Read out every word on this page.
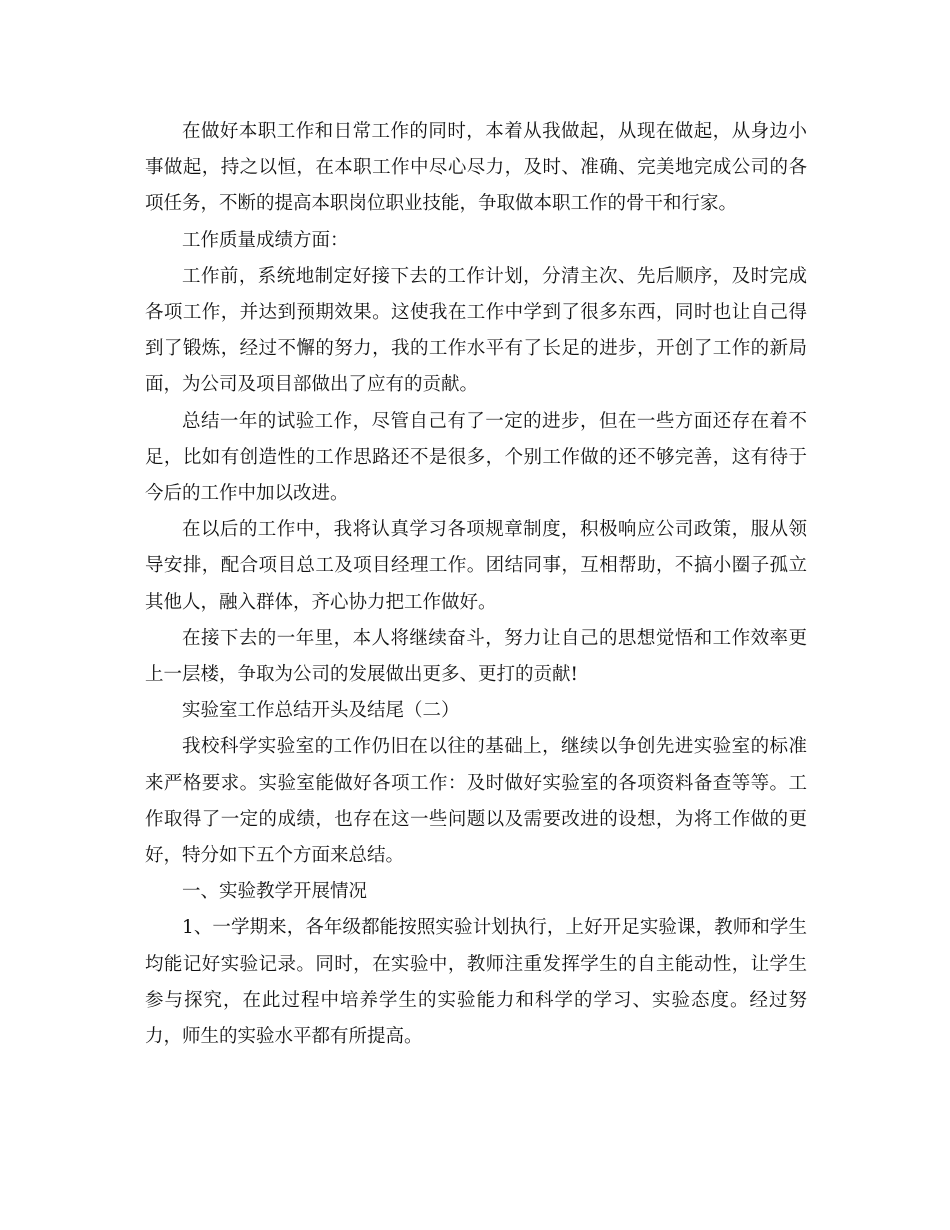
在做好本职工作和日常工作的同时，本着从我做起，从现在做起，从身边小事做起，持之以恒，在本职工作中尽心尽力，及时、准确、完美地完成公司的各项任务，不断的提高本职岗位职业技能，争取做本职工作的骨干和行家。

工作质量成绩方面：

工作前，系统地制定好接下去的工作计划，分清主次、先后顺序，及时完成各项工作，并达到预期效果。这使我在工作中学到了很多东西，同时也让自己得到了锻炼，经过不懈的努力，我的工作水平有了长足的进步，开创了工作的新局面，为公司及项目部做出了应有的贡献。

总结一年的试验工作，尽管自己有了一定的进步，但在一些方面还存在着不足，比如有创造性的工作思路还不是很多，个别工作做的还不够完善，这有待于今后的工作中加以改进。

在以后的工作中，我将认真学习各项规章制度，积极响应公司政策，服从领导安排，配合项目总工及项目经理工作。团结同事，互相帮助，不搞小圈子孤立其他人，融入群体，齐心协力把工作做好。

在接下去的一年里，本人将继续奋斗，努力让自己的思想觉悟和工作效率更上一层楼，争取为公司的发展做出更多、更打的贡献!

实验室工作总结开头及结尾（二）

我校科学实验室的工作仍旧在以往的基础上，继续以争创先进实验室的标准来严格要求。实验室能做好各项工作：及时做好实验室的各项资料备查等等。工作取得了一定的成绩，也存在这一些问题以及需要改进的设想，为将工作做的更好，特分如下五个方面来总结。

一、实验教学开展情况

1、一学期来，各年级都能按照实验计划执行，上好开足实验课，教师和学生均能记好实验记录。同时，在实验中，教师注重发挥学生的自主能动性，让学生参与探究，在此过程中培养学生的实验能力和科学的学习、实验态度。经过努力，师生的实验水平都有所提高。
